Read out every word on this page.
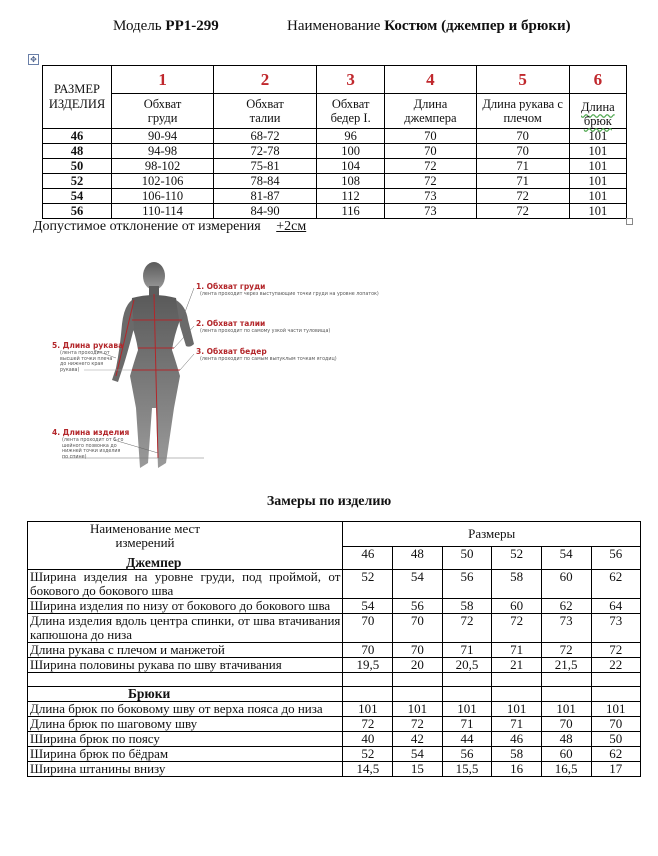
Модель PP1-299	Наименование Костюм (джемпер и брюки)
✥
РАЗМЕР
ИЗДЕЛИЯ	1	2	3	4	5	6
	Обхват груди	Обхват талии	Обхват бедер I.	Длина джемпера	Длина рукава с плечом	Длина брюк
46	90-94	68-72	96	70	70	101
48	94-98	72-78	100	70	70	101
50	98-102	75-81	104	72	71	101
52	102-106	78-84	108	72	71	101
54	106-110	81-87	112	73	72	101
56	110-114	84-90	116	73	72	101
Допустимое отклонение от измерения +2см
1. Обхват груди
(лента проходит через выступающие точки груди на уровне лопаток)
2. Обхват талии
(лента проходит по самому узкой части туловища)
3. Обхват бедер
(лента проходит по самым выпуклым точкам ягодиц)
5. Длина рукава
(лента проходит от высшей точки плеча до нижнего края рукава)
4. Длина изделия
(лента проходит от 6-го шейного позвонка до нижней точки изделия по спине)
Замеры по изделию
Наименование мест измерений
Джемпер	Размеры					
	46	48	50	52	54	56
Ширина изделия на уровне груди, под проймой, от бокового до бокового шва	52	54	56	58	60	62
Ширина изделия по низу от бокового до бокового шва	54	56	58	60	62	64
Длина изделия вдоль центра спинки, от шва втачивания капюшона до низа	70	70	72	72	73	73
Длина рукава с плечом и манжетой	70	70	71	71	72	72
Ширина половины рукава по шву втачивания	19,5	20	20,5	21	21,5	22

Брюки						
Длина брюк по боковому шву от верха пояса до низа	101	101	101	101	101	101
Длина брюк по шаговому шву	72	72	71	71	70	70
Ширина брюк по поясу	40	42	44	46	48	50
Ширина брюк по бёдрам	52	54	56	58	60	62
Ширина штанины внизу	14,5	15	15,5	16	16,5	17
